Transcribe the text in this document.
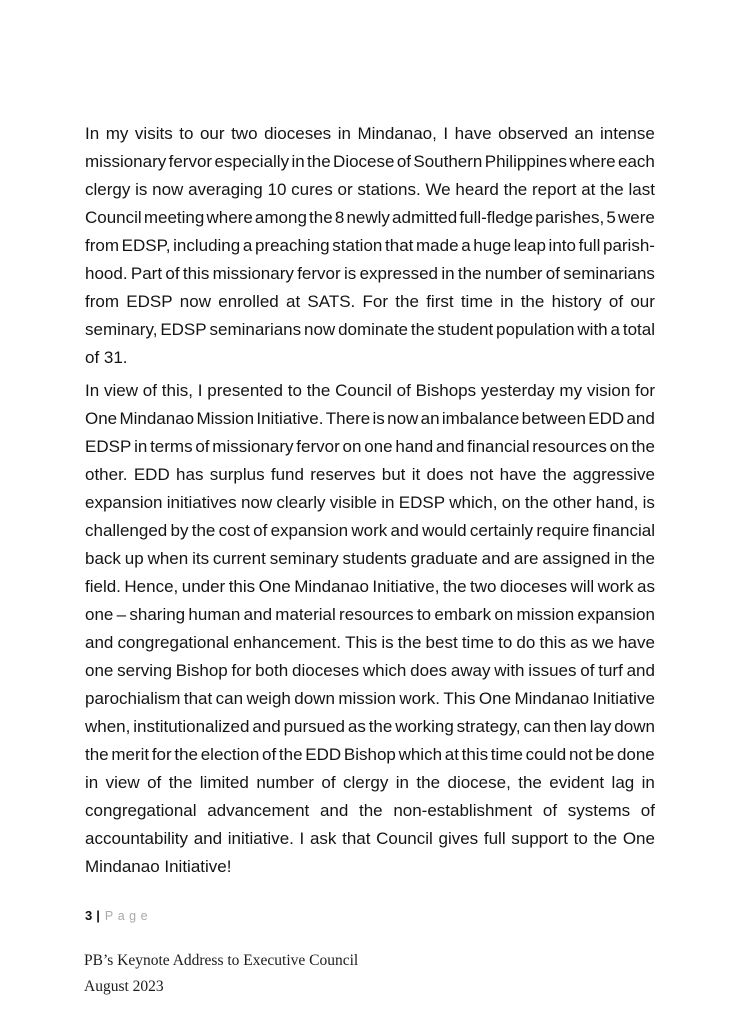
In my visits to our two dioceses in Mindanao, I have observed an intense
missionary fervor especially in the Diocese of Southern Philippines where each
clergy is now averaging 10 cures or stations. We heard the report at the last
Council meeting where among the 8 newly admitted full-fledge parishes, 5 were
from EDSP, including a preaching station that made a huge leap into full parish-
hood. Part of this missionary fervor is expressed in the number of seminarians
from EDSP now enrolled at SATS. For the first time in the history of our
seminary, EDSP seminarians now dominate the student population with a total
of 31.
In view of this, I presented to the Council of Bishops yesterday my vision for
One Mindanao Mission Initiative. There is now an imbalance between EDD and
EDSP in terms of missionary fervor on one hand and financial resources on the
other. EDD has surplus fund reserves but it does not have the aggressive
expansion initiatives now clearly visible in EDSP which, on the other hand, is
challenged by the cost of expansion work and would certainly require financial
back up when its current seminary students graduate and are assigned in the
field. Hence, under this One Mindanao Initiative, the two dioceses will work as
one – sharing human and material resources to embark on mission expansion
and congregational enhancement. This is the best time to do this as we have
one serving Bishop for both dioceses which does away with issues of turf and
parochialism that can weigh down mission work. This One Mindanao Initiative
when, institutionalized and pursued as the working strategy, can then lay down
the merit for the election of the EDD Bishop which at this time could not be done
in view of the limited number of clergy in the diocese, the evident lag in
congregational advancement and the non-establishment of systems of
accountability and initiative. I ask that Council gives full support to the One
Mindanao Initiative!
3 | Page
PB’s Keynote Address to Executive Council
August 2023
